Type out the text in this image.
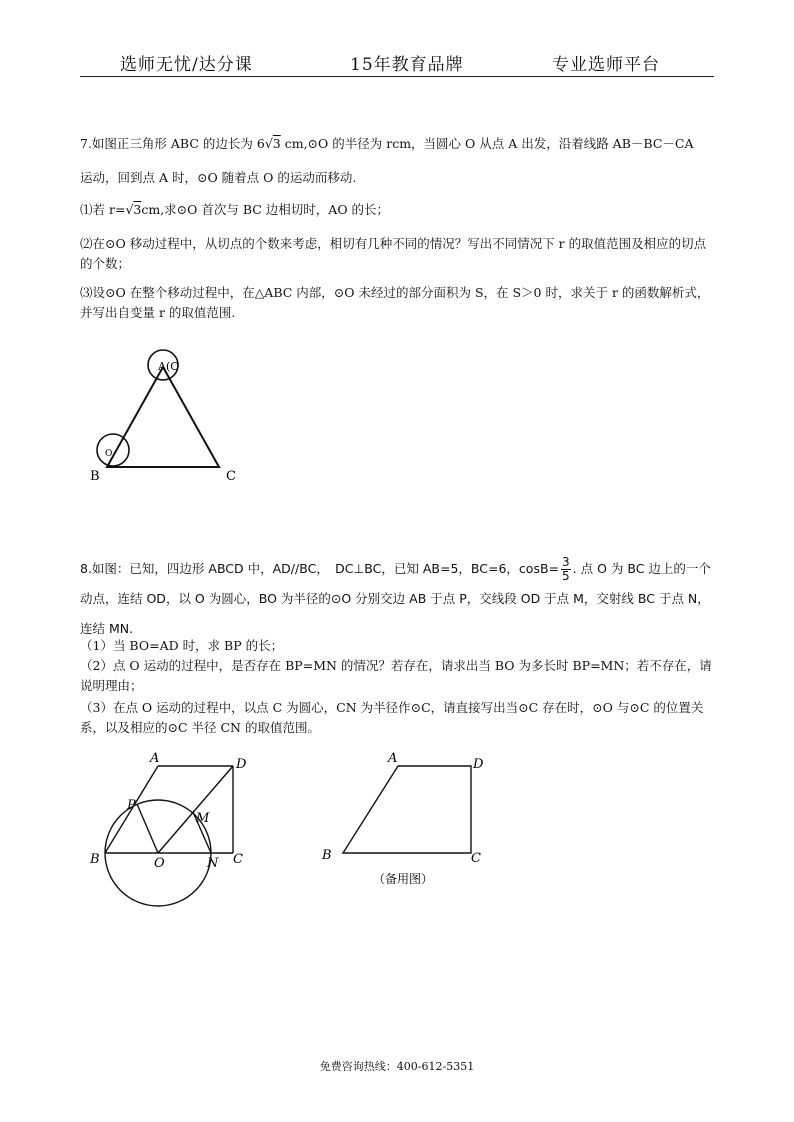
选师无忧/达分课	15年教育品牌	专业选师平台
7.如图正三角形 ABC 的边长为 6√3 cm,⊙O 的半径为 rcm，当圆心 O 从点 A 出发，沿着线路 AB－BC－CA
运动，回到点 A 时，⊙O 随着点 O 的运动而移动.
⑴若 r=√3cm,求⊙O 首次与 BC 边相切时，AO 的长；
⑵在⊙O 移动过程中，从切点的个数来考虑，相切有几种不同的情况？写出不同情况下 r 的取值范围及相应的切点的个数；
⑶设⊙O 在整个移动过程中，在△ABC 内部，⊙O 未经过的部分面积为 S，在 S＞0 时，求关于 r 的函数解析式，并写出自变量 r 的取值范围.
A(O
O
B	C
8.如图：已知，四边形 ABCD 中，AD//BC，　DC⊥BC，已知 AB=5，BC=6，$\cos B= \frac{3}{5}$ . 点 O 为 BC 边上的一个动点，连结 OD，以 O 为圆心，BO 为半径的⊙O 分别交边 AB 于点 P，交线段 OD 于点 M，交射线 BC 于点 N，连结 MN.
（1）当 BO=AD 时，求 BP 的长；
（2）点 O 运动的过程中，是否存在 BP=MN 的情况？若存在，请求出当 BO 为多长时 BP=MN；若不存在，请说明理由；
（3）在点 O 运动的过程中，以点 C 为圆心，CN 为半径作⊙C，请直接写出当⊙C 存在时，⊙O 与⊙C 的位置关系，以及相应的⊙C 半径 CN 的取值范围。
A	D
P
M
B	O	N C
A	D
B	C
（备用图）
免费咨询热线：400-612-5351
